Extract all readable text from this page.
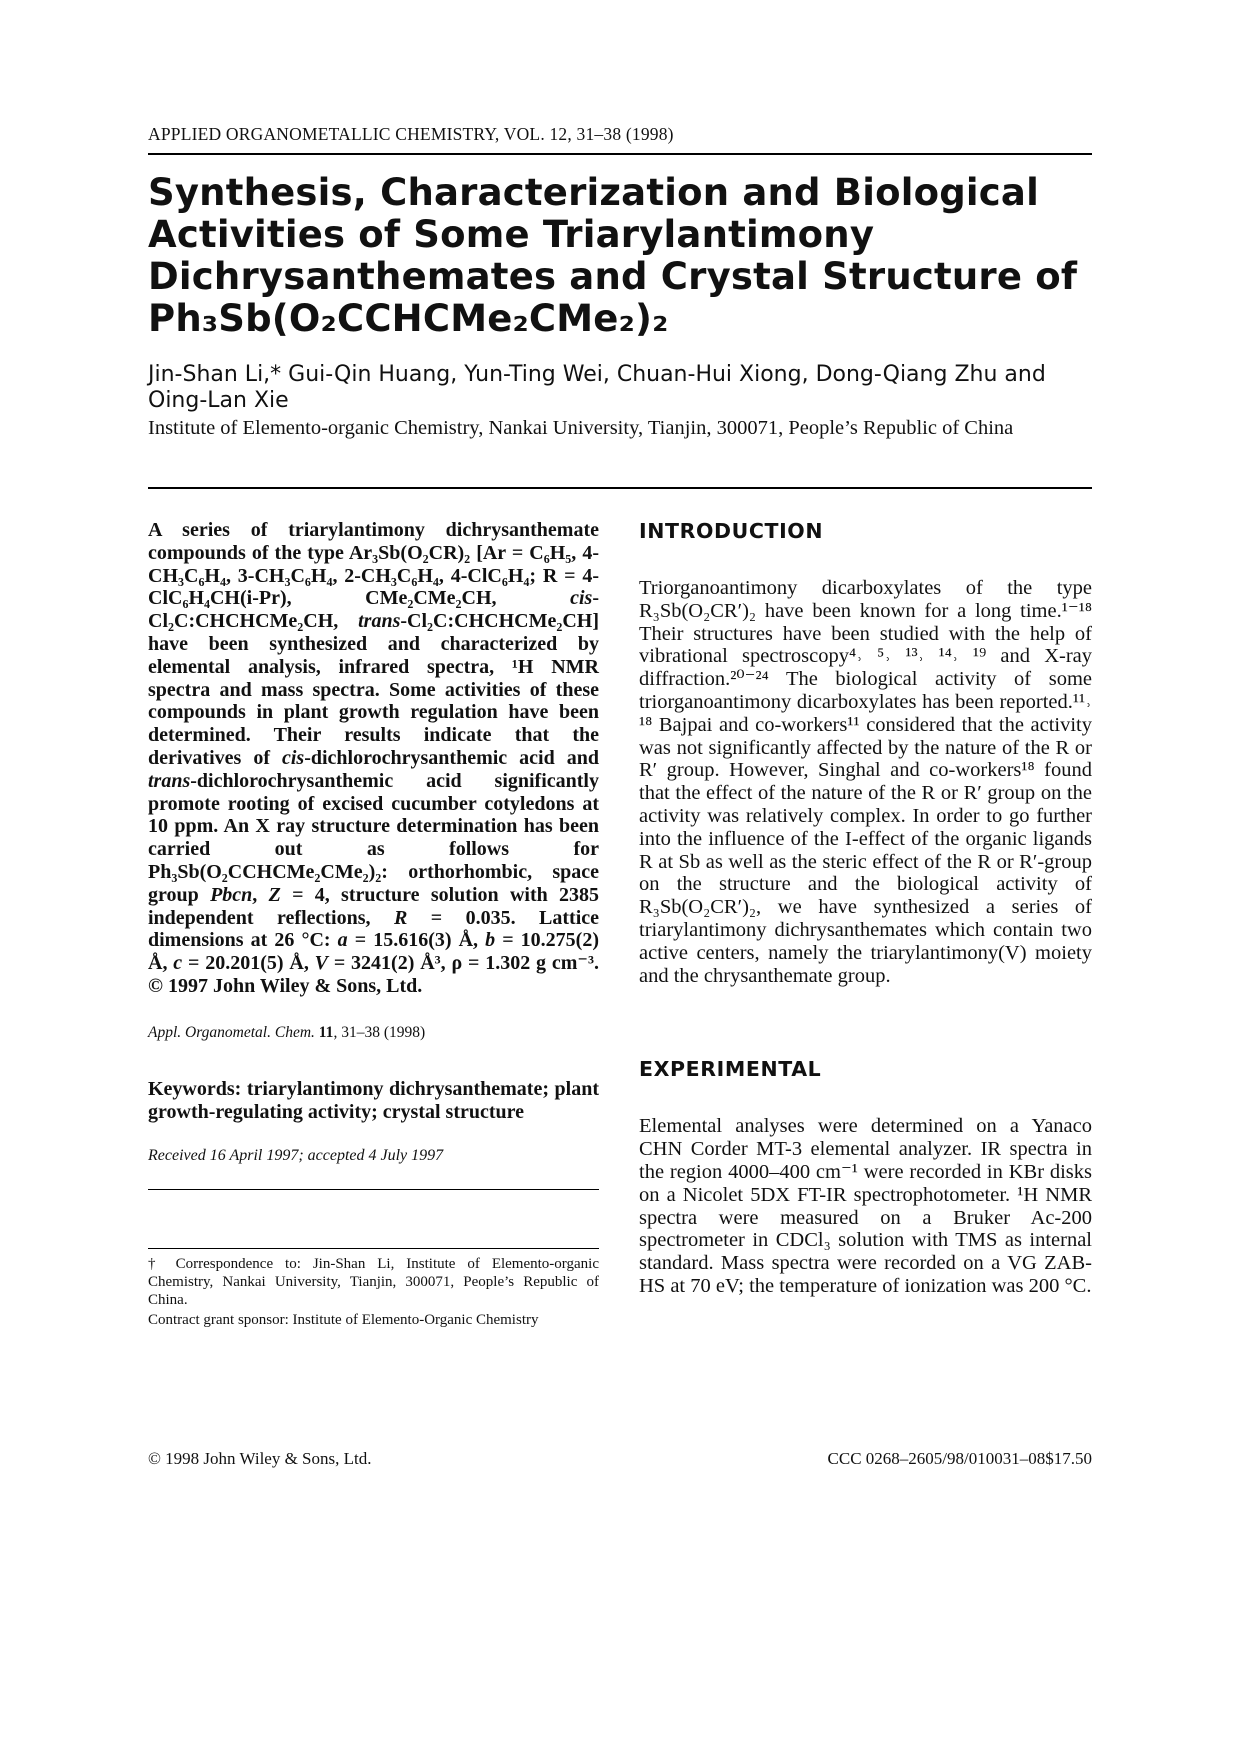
APPLIED ORGANOMETALLIC CHEMISTRY, VOL. 12, 31–38 (1998)
Synthesis, Characterization and Biological
Activities of Some Triarylantimony
Dichrysanthemates and Crystal Structure of
Ph₃Sb(O₂CCHCMe₂CMe₂)₂
Jin-Shan Li,* Gui-Qin Huang, Yun-Ting Wei, Chuan-Hui Xiong, Dong-Qiang Zhu and Oing-Lan Xie
Institute of Elemento-organic Chemistry, Nankai University, Tianjin, 300071, People’s Republic of China

A series of triarylantimony dichrysanthemate compounds of the type Ar₃Sb(O₂CR)₂ [Ar = C₆H₅, 4-CH₃C₆H₄, 3-CH₃C₆H₄, 2-CH₃C₆H₄, 4-ClC₆H₄; R = 4-ClC₆H₄CH(i-Pr), CMe₂CMe₂CH, cis-Cl₂C:CHCHCMe₂CH, trans-Cl₂C:CHCHCMe₂CH] have been synthesized and characterized by elemental analysis, infrared spectra, ¹H NMR spectra and mass spectra. Some activities of these compounds in plant growth regulation have been determined. Their results indicate that the derivatives of cis-dichlorochrysanthemic acid and trans-dichlorochrysanthemic acid significantly promote rooting of excised cucumber cotyledons at 10 ppm. An X ray structure determination has been carried out as follows for Ph₃Sb(O₂CCHCMe₂CMe₂)₂: orthorhombic, space group Pbcn, Z = 4, structure solution with 2385 independent reflections, R = 0.035. Lattice dimensions at 26 °C: a = 15.616(3) Å, b = 10.275(2) Å, c = 20.201(5) Å, V = 3241(2) Å³, ρ = 1.302 g cm⁻³. © 1997 John Wiley & Sons, Ltd.

Appl. Organometal. Chem. 11, 31–38 (1998)

Keywords: triarylantimony dichrysanthemate; plant growth-regulating activity; crystal structure

Received 16 April 1997; accepted 4 July 1997

† Correspondence to: Jin-Shan Li, Institute of Elemento-organic Chemistry, Nankai University, Tianjin, 300071, People’s Republic of China.

Contract grant sponsor: Institute of Elemento-Organic Chemistry

INTRODUCTION

Triorganoantimony dicarboxylates of the type R₃Sb(O₂CR′)₂ have been known for a long time.¹⁻¹⁸ Their structures have been studied with the help of vibrational spectroscopy⁴˒ ⁵˒ ¹³˒ ¹⁴˒ ¹⁹ and X-ray diffraction.²⁰⁻²⁴ The biological activity of some triorganoantimony dicarboxylates has been reported.¹¹˒ ¹⁸ Bajpai and co-workers¹¹ considered that the activity was not significantly affected by the nature of the R or R′ group. However, Singhal and co-workers¹⁸ found that the effect of the nature of the R or R′ group on the activity was relatively complex. In order to go further into the influence of the I-effect of the organic ligands R at Sb as well as the steric effect of the R or R′-group on the structure and the biological activity of R₃Sb(O₂CR′)₂, we have synthesized a series of triarylantimony dichrysanthemates which contain two active centers, namely the triarylantimony(V) moiety and the chrysanthemate group.

EXPERIMENTAL

Elemental analyses were determined on a Yanaco CHN Corder MT-3 elemental analyzer. IR spectra in the region 4000–400 cm⁻¹ were recorded in KBr disks on a Nicolet 5DX FT-IR spectrophotometer. ¹H NMR spectra were measured on a Bruker Ac-200 spectrometer in CDCl₃ solution with TMS as internal standard. Mass spectra were recorded on a VG ZAB-HS at 70 eV; the temperature of ionization was 200 °C.

© 1998 John Wiley & Sons, Ltd.	CCC 0268–2605/98/010031–08$17.50
